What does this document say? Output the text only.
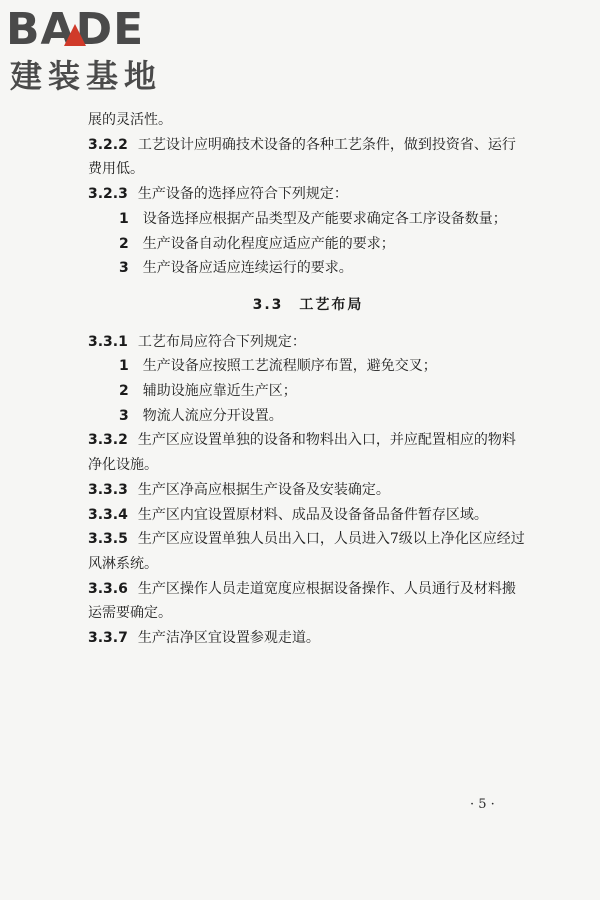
BADE
建装基地
展的灵活性。
3.2.2 工艺设计应明确技术设备的各种工艺条件，做到投资省、运行费用低。
3.2.3 生产设备的选择应符合下列规定：
1 设备选择应根据产品类型及产能要求确定各工序设备数量；
2 生产设备自动化程度应适应产能的要求；
3 生产设备应适应连续运行的要求。
3.3　工艺布局
3.3.1 工艺布局应符合下列规定：
1 生产设备应按照工艺流程顺序布置，避免交叉；
2 辅助设施应靠近生产区；
3 物流人流应分开设置。
3.3.2 生产区应设置单独的设备和物料出入口，并应配置相应的物料净化设施。
3.3.3 生产区净高应根据生产设备及安装确定。
3.3.4 生产区内宜设置原材料、成品及设备备品备件暂存区域。
3.3.5 生产区应设置单独人员出入口，人员进入7级以上净化区应经过风淋系统。
3.3.6 生产区操作人员走道宽度应根据设备操作、人员通行及材料搬运需要确定。
3.3.7 生产洁净区宜设置参观走道。
· 5 ·
